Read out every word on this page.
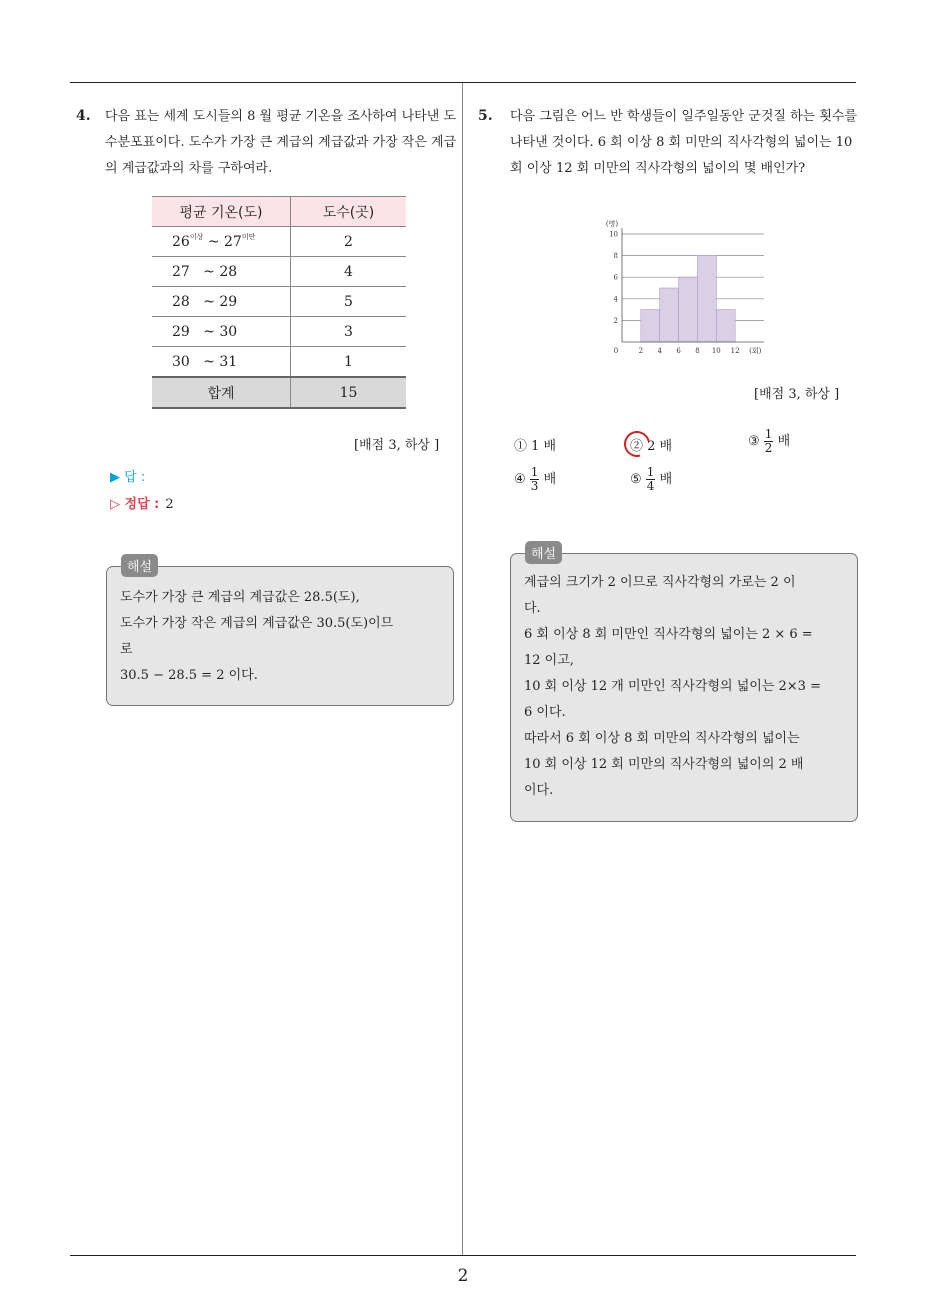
2
4. 다음 표는 세계 도시들의 8 월 평균 기온을 조사하여 나타낸 도수분포표이다. 도수가 가장 큰 계급의 계급값과 가장 작은 계급의 계급값과의 차를 구하여라.
평균 기온(도)	도수(곳)
$26^{이상}$ ~ $27^{미만}$	2
27   ~ 28	4
28   ~ 29	5
29   ~ 30	3
30   ~ 31	1
합계	15
[배점 3, 하상 ]
▶ 답 :
▷ 정답 : 2
해설
도수가 가장 큰 계급의 계급값은 28.5(도),
도수가 가장 작은 계급의 계급값은 30.5(도)이므
로
30.5 − 28.5 = 2 이다.
5. 다음 그림은 어느 반 학생들이 일주일동안 군것질 하는 횟수를 나타낸 것이다. 6 회 이상 8 회 미만의 직사각형의 넓이는 10 회 이상 12 회 미만의 직사각형의 넓이의 몇 배인가?
2
4
6
8
10
0	2 4 6 8 10 12 (회)
(명)
[배점 3, 하상 ]
① 1 배	② 2 배	③ $\frac{1}{2}$ 배
④ $\frac{1}{3}$ 배	⑤ $\frac{1}{4}$ 배
해설
계급의 크기가 2 이므로 직사각형의 가로는 2 이
다.
6 회 이상 8 회 미만인 직사각형의 넓이는 2 × 6 =
12 이고,
10 회 이상 12 개 미만인 직사각형의 넓이는 2×3 =
6 이다.
따라서 6 회 이상 8 회 미만의 직사각형의 넓이는
10 회 이상 12 회 미만의 직사각형의 넓이의 2 배
이다.
